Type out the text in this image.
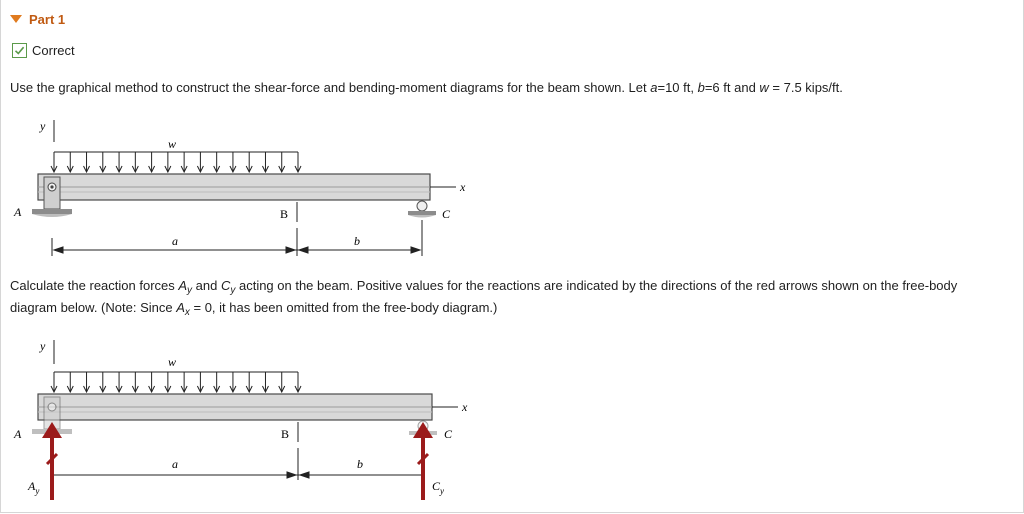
Part 1
Correct

Use the graphical method to construct the shear-force and bending-moment diagrams for the beam shown. Let a=10 ft, b=6 ft and w = 7.5 kips/ft.

y
w
x
A	B	C
a	b

Calculate the reaction forces $A_y$ and $C_y$ acting on the beam. Positive values for the reactions are indicated by the directions of the red arrows shown on the free-body diagram below. (Note: Since $A_x = 0$, it has been omitted from the free-body diagram.)

y
w
x
A	B	C
a	b
$A_y$	$C_y$
